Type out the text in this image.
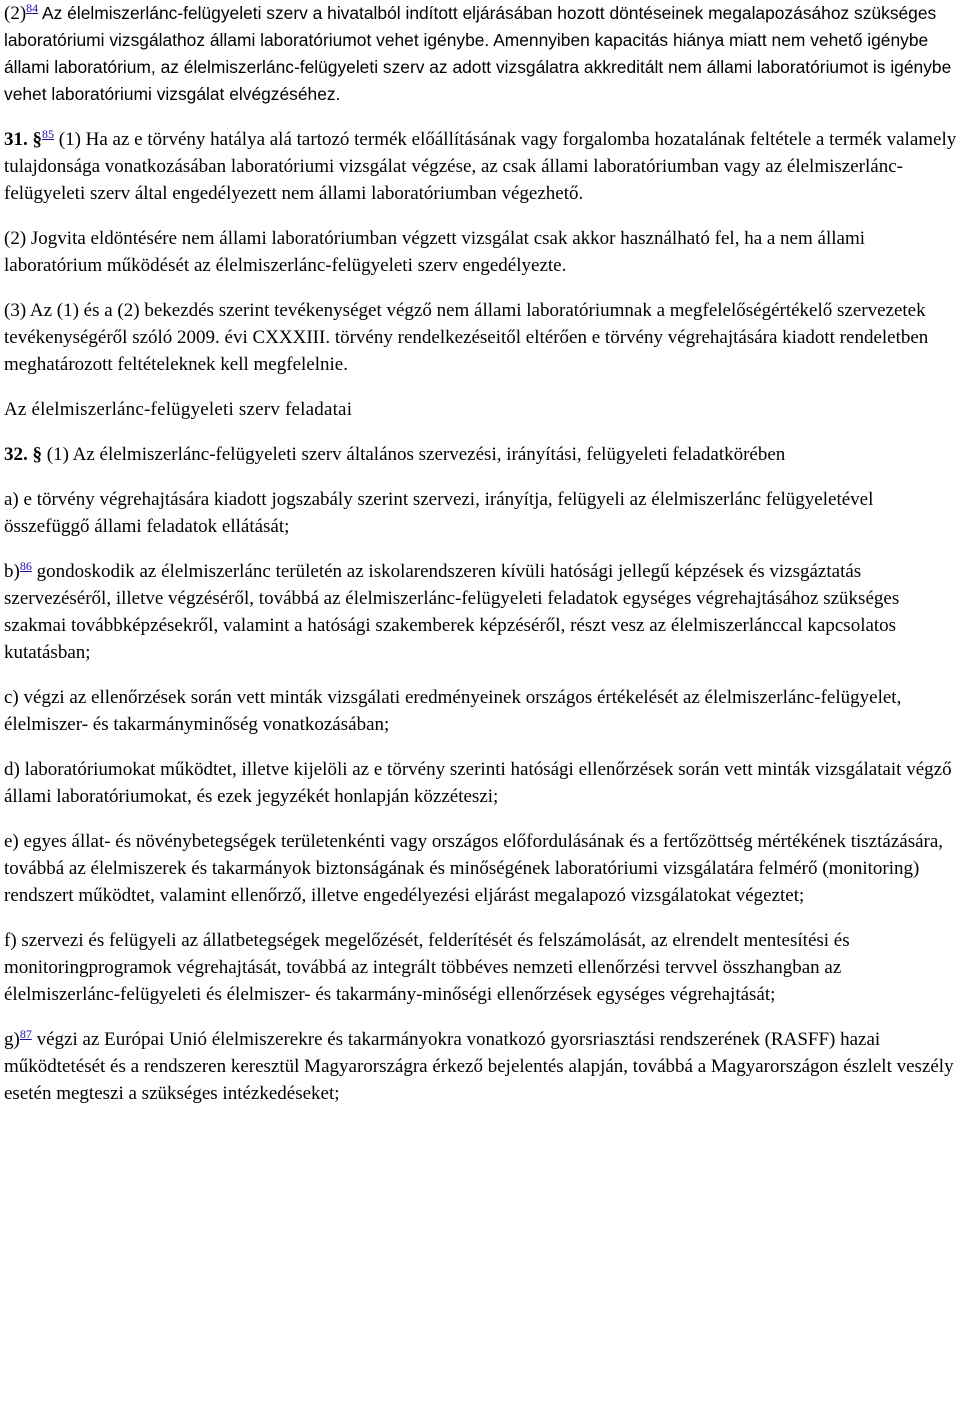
(2)$^{84}$ Az élelmiszerlánc-felügyeleti szerv a hivatalból indított eljárásában hozott döntéseinek megalapozásához szükséges laboratóriumi vizsgálathoz állami laboratóriumot vehet igénybe. Amennyiben kapacitás hiánya miatt nem vehető igénybe állami laboratórium, az élelmiszerlánc-felügyeleti szerv az adott vizsgálatra akkreditált nem állami laboratóriumot is igénybe vehet laboratóriumi vizsgálat elvégzéséhez.

31. §$^{85}$ (1) Ha az e törvény hatálya alá tartozó termék előállításának vagy forgalomba hozatalának feltétele a termék valamely tulajdonsága vonatkozásában laboratóriumi vizsgálat végzése, az csak állami laboratóriumban vagy az élelmiszerlánc-felügyeleti szerv által engedélyezett nem állami laboratóriumban végezhető.

(2) Jogvita eldöntésére nem állami laboratóriumban végzett vizsgálat csak akkor használható fel, ha a nem állami laboratórium működését az élelmiszerlánc-felügyeleti szerv engedélyezte.

(3) Az (1) és a (2) bekezdés szerint tevékenységet végző nem állami laboratóriumnak a megfelelőségértékelő szervezetek tevékenységéről szóló 2009. évi CXXXIII. törvény rendelkezéseitől eltérően e törvény végrehajtására kiadott rendeletben meghatározott feltételeknek kell megfelelnie.

Az élelmiszerlánc-felügyeleti szerv feladatai

32. § (1) Az élelmiszerlánc-felügyeleti szerv általános szervezési, irányítási, felügyeleti feladatkörében

a) e törvény végrehajtására kiadott jogszabály szerint szervezi, irányítja, felügyeli az élelmiszerlánc felügyeletével összefüggő állami feladatok ellátását;

b)$^{86}$ gondoskodik az élelmiszerlánc területén az iskolarendszeren kívüli hatósági jellegű képzések és vizsgáztatás szervezéséről, illetve végzéséről, továbbá az élelmiszerlánc-felügyeleti feladatok egységes végrehajtásához szükséges szakmai továbbképzésekről, valamint a hatósági szakemberek képzéséről, részt vesz az élelmiszerlánccal kapcsolatos kutatásban;

c) végzi az ellenőrzések során vett minták vizsgálati eredményeinek országos értékelését az élelmiszerlánc-felügyelet, élelmiszer- és takarmányminőség vonatkozásában;

d) laboratóriumokat működtet, illetve kijelöli az e törvény szerinti hatósági ellenőrzések során vett minták vizsgálatait végző állami laboratóriumokat, és ezek jegyzékét honlapján közzéteszi;

e) egyes állat- és növénybetegségek területenkénti vagy országos előfordulásának és a fertőzöttség mértékének tisztázására, továbbá az élelmiszerek és takarmányok biztonságának és minőségének laboratóriumi vizsgálatára felmérő (monitoring) rendszert működtet, valamint ellenőrző, illetve engedélyezési eljárást megalapozó vizsgálatokat végeztet;

f) szervezi és felügyeli az állatbetegségek megelőzését, felderítését és felszámolását, az elrendelt mentesítési és monitoringprogramok végrehajtását, továbbá az integrált többéves nemzeti ellenőrzési tervvel összhangban az élelmiszerlánc-felügyeleti és élelmiszer- és takarmány-minőségi ellenőrzések egységes végrehajtását;

g)$^{87}$ végzi az Európai Unió élelmiszerekre és takarmányokra vonatkozó gyorsriasztási rendszerének (RASFF) hazai működtetését és a rendszeren keresztül Magyarországra érkező bejelentés alapján, továbbá a Magyarországon észlelt veszély esetén megteszi a szükséges intézkedéseket;
